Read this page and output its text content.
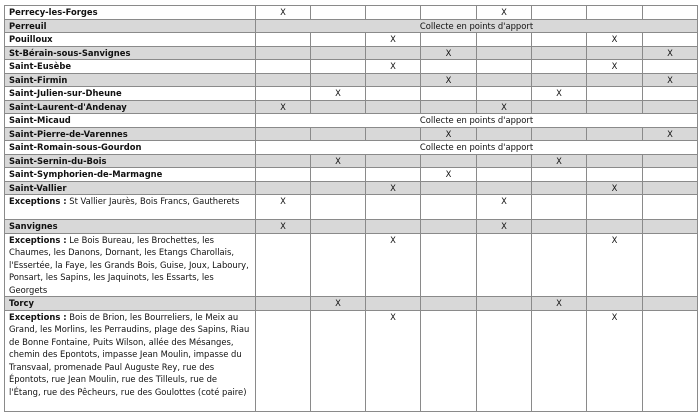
Perrecy-les-Forges	X				X			
Perreuil	Collecte en points d'apport							
Pouilloux			X				X	
St-Bérain-sous-Sanvignes				X				X
Saint-Eusèbe			X				X	
Saint-Firmin				X				X
Saint-Julien-sur-Dheune		X				X		
Saint-Laurent-d'Andenay	X				X			
Saint-Micaud	Collecte en points d'apport							
Saint-Pierre-de-Varennes				X				X
Saint-Romain-sous-Gourdon	Collecte en points d'apport							
Saint-Sernin-du-Bois		X				X		
Saint-Symphorien-de-Marmagne				X				
Saint-Vallier			X				X	
Exceptions : St Vallier Jaurès, Bois Francs, Gautherets	X				X			
Sanvignes	X				X			
Exceptions : Le Bois Bureau, les Brochettes, les Chaumes, les Danons, Dornant, les Etangs Charollais, l'Essertée, la Faye, les Grands Bois, Guise, Joux, Laboury, Ponsart, les Sapins, les Jaquinots, les Essarts, les Georgets			X				X	
Torcy		X				X		
Exceptions : Bois de Brion, les Bourreliers, le Meix au Grand, les Morlins, les Perraudins, plage des Sapins, Riau de Bonne Fontaine, Puits Wilson, allée des Mésanges, chemin des Epontots, impasse Jean Moulin, impasse du Transvaal, promenade Paul Auguste Rey, rue des Épontots, rue Jean Moulin, rue des Tilleuls, rue de l'Étang, rue des Pêcheurs, rue des Goulottes (coté paire)			X				X	
